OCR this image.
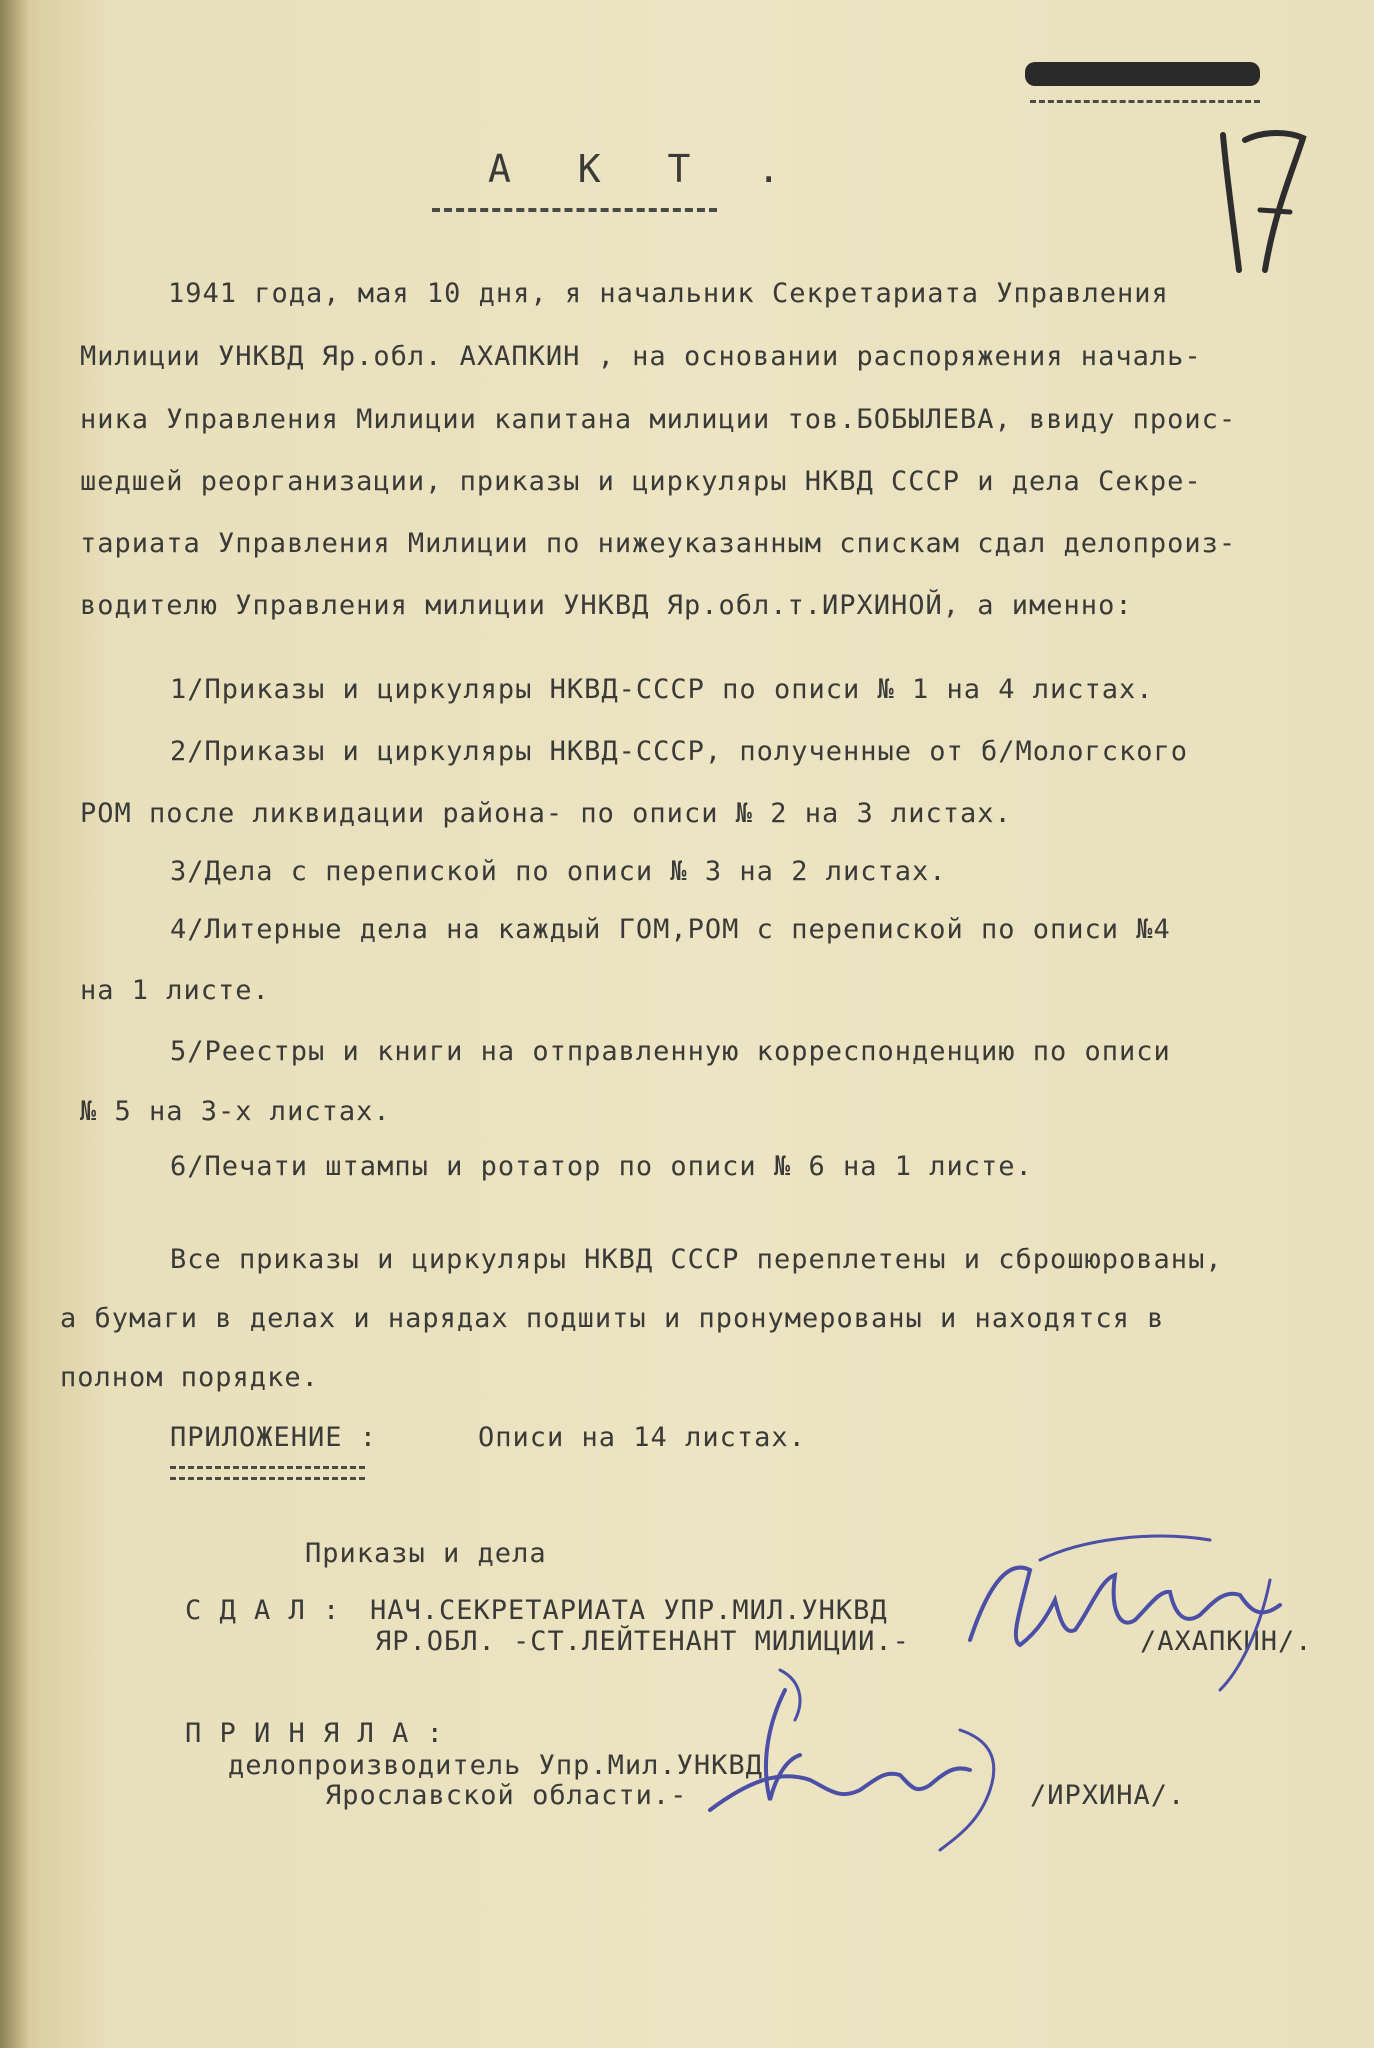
А К Т .
1941 года, мая 10 дня, я начальник Секретариата Управления
Милиции УНКВД Яр.обл. АХАПКИН , на основании распоряжения началь-
ника Управления Милиции капитана милиции тов.БОБЫЛЕВА, ввиду проис-
шедшей реорганизации, приказы и циркуляры НКВД СССР и дела Секре-
тариата Управления Милиции по нижеуказанным спискам сдал делопроиз-
водителю Управления милиции УНКВД Яр.обл.т.ИРХИНОЙ, а именно:
1/Приказы и циркуляры НКВД-СССР по описи № 1 на 4 листах.
2/Приказы и циркуляры НКВД-СССР, полученные от б/Мологского
РОМ после ликвидации района- по описи № 2 на 3 листах.
3/Дела с перепиской по описи № 3 на 2 листах.
4/Литерные дела на каждый ГОМ,РОМ с перепиской по описи №4
на 1 листе.
5/Реестры и книги на отправленную корреспонденцию по описи
№ 5 на 3-х листах.
6/Печати штампы и ротатор по описи № 6 на 1 листе.
Все приказы и циркуляры НКВД СССР переплетены и сброшюрованы,
а бумаги в делах и нарядах подшиты и пронумерованы и находятся в
полном порядке.
ПРИЛОЖЕНИЕ :	Описи на 14 листах.
Приказы и дела
С Д А Л : НАЧ.СЕКРЕТАРИАТА УПР.МИЛ.УНКВД
ЯР.ОБЛ. -СТ.ЛЕЙТЕНАНТ МИЛИЦИИ.-	/АХАПКИН/.
П Р И Н Я Л А :
делопроизводитель Упр.Мил.УНКВД
Ярославской области.-	/ИРХИНА/.
